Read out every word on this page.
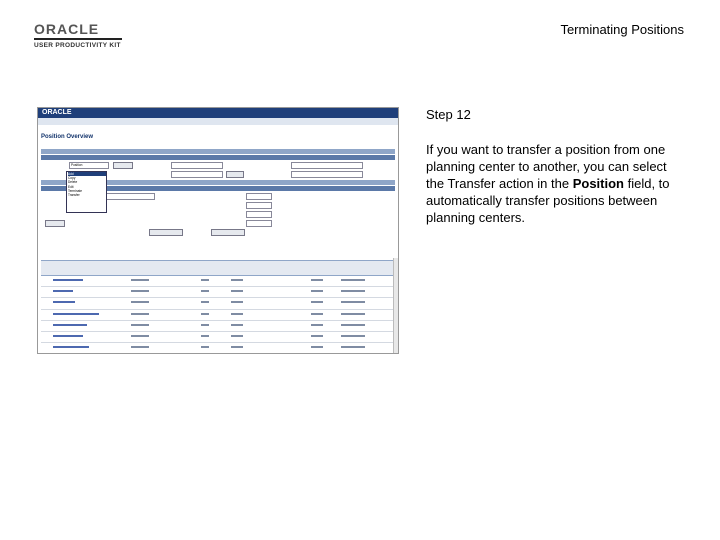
ORACLE
USER PRODUCTIVITY KIT
Terminating Positions
ORACLE
Position Overview
Position
Add
Copy
Delete
Edit
Terminate
Transfer
Step 12
If you want to transfer a position from one planning center to another, you can select the Transfer action in the Position field, to automatically transfer positions between planning centers.
